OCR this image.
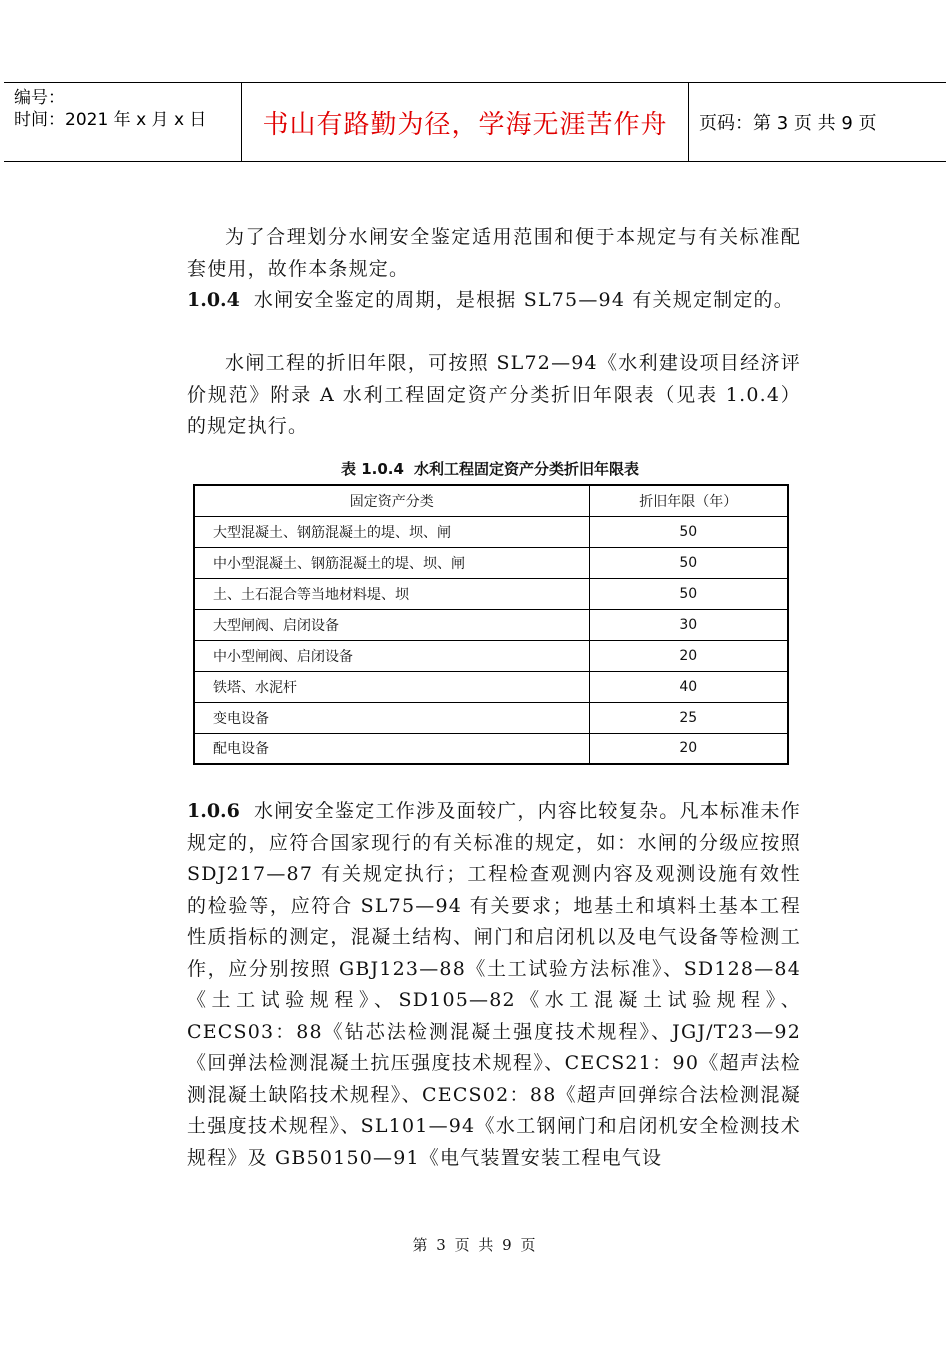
编号：
时间：2021 年 x 月 x 日	书山有路勤为径，学海无涯苦作舟	页码：第 3 页 共 9 页

为了合理划分水闸安全鉴定适用范围和便于本规定与有关标准配套使用，故作本条规定。

1.0.4 水闸安全鉴定的周期，是根据 SL75—94 有关规定制定的。

水闸工程的折旧年限，可按照 SL72—94《水利建设项目经济评价规范》附录 A 水利工程固定资产分类折旧年限表（见表 1.0.4）的规定执行。

表 1.0.4 水利工程固定资产分类折旧年限表
固定资产分类	折旧年限（年）
大型混凝土、钢筋混凝土的堤、坝、闸	50
中小型混凝土、钢筋混凝土的堤、坝、闸	50
土、土石混合等当地材料堤、坝	50
大型闸阀、启闭设备	30
中小型闸阀、启闭设备	20
铁塔、水泥杆	40
变电设备	25
配电设备	20

1.0.6 水闸安全鉴定工作涉及面较广，内容比较复杂。凡本标准未作规定的，应符合国家现行的有关标准的规定，如：水闸的分级应按照 SDJ217—87 有关规定执行；工程检查观测内容及观测设施有效性的检验等，应符合 SL75—94 有关要求；地基土和填料土基本工程性质指标的测定，混凝土结构、闸门和启闭机以及电气设备等检测工作，应分别按照 GBJ123—88《土工试验方法标准》、SD128—84《土工试验规程》、SD105—82《水工混凝土试验规程》、CECS03：88《钻芯法检测混凝土强度技术规程》、JGJ/T23—92《回弹法检测混凝土抗压强度技术规程》、CECS21：90《超声法检测混凝土缺陷技术规程》、CECS02：88《超声回弹综合法检测混凝土强度技术规程》、SL101—94《水工钢闸门和启闭机安全检测技术规程》及 GB50150—91《电气装置安装工程电气设

第 3 页 共 9 页
